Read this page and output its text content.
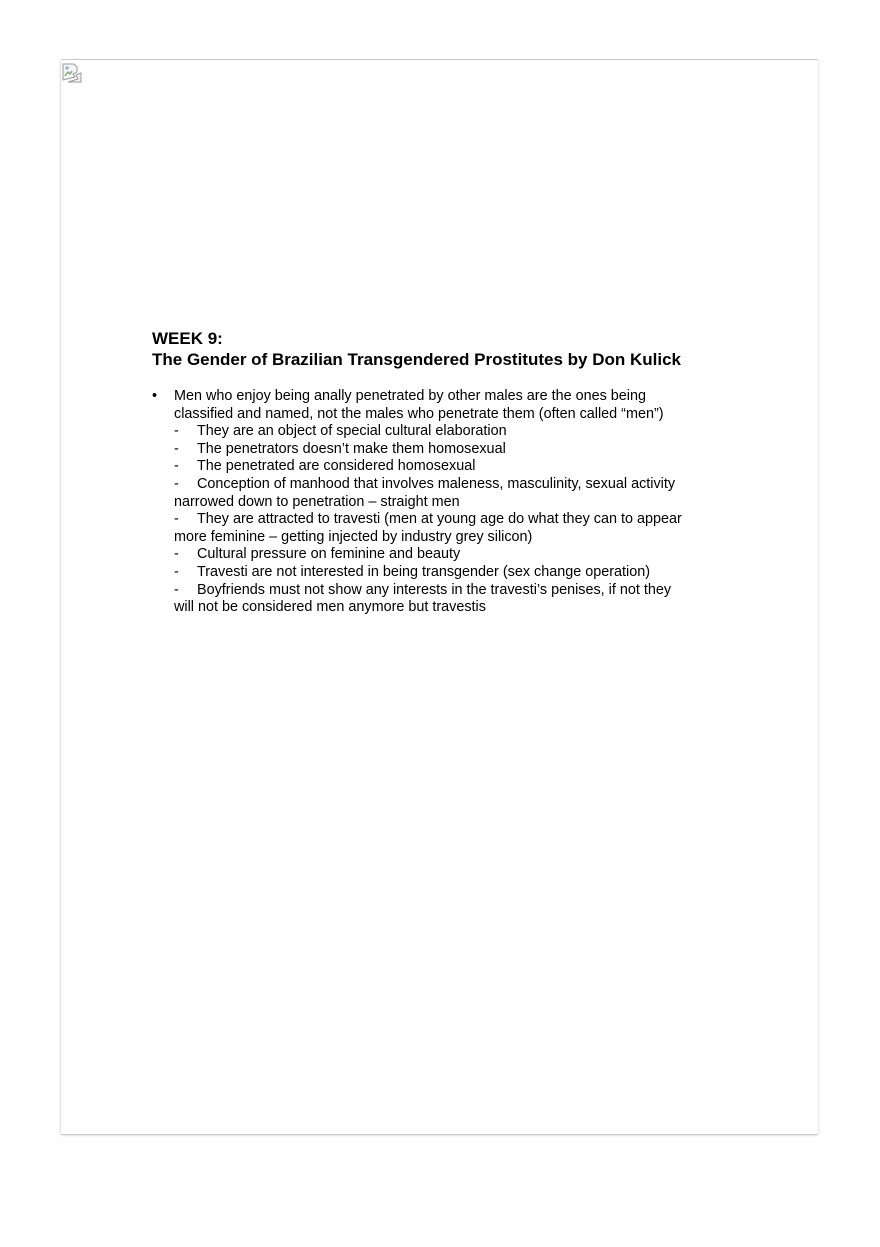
WEEK 9:
The Gender of Brazilian Transgendered Prostitutes by Don Kulick
•	Men who enjoy being anally penetrated by other males are the ones being
classified and named, not the males who penetrate them (often called “men”)
- They are an object of special cultural elaboration
- The penetrators doesn’t make them homosexual
- The penetrated are considered homosexual
- Conception of manhood that involves maleness, masculinity, sexual activity
narrowed down to penetration – straight men
- They are attracted to travesti (men at young age do what they can to appear
more feminine – getting injected by industry grey silicon)
- Cultural pressure on feminine and beauty
- Travesti are not interested in being transgender (sex change operation)
- Boyfriends must not show any interests in the travesti’s penises, if not they
will not be considered men anymore but travestis
